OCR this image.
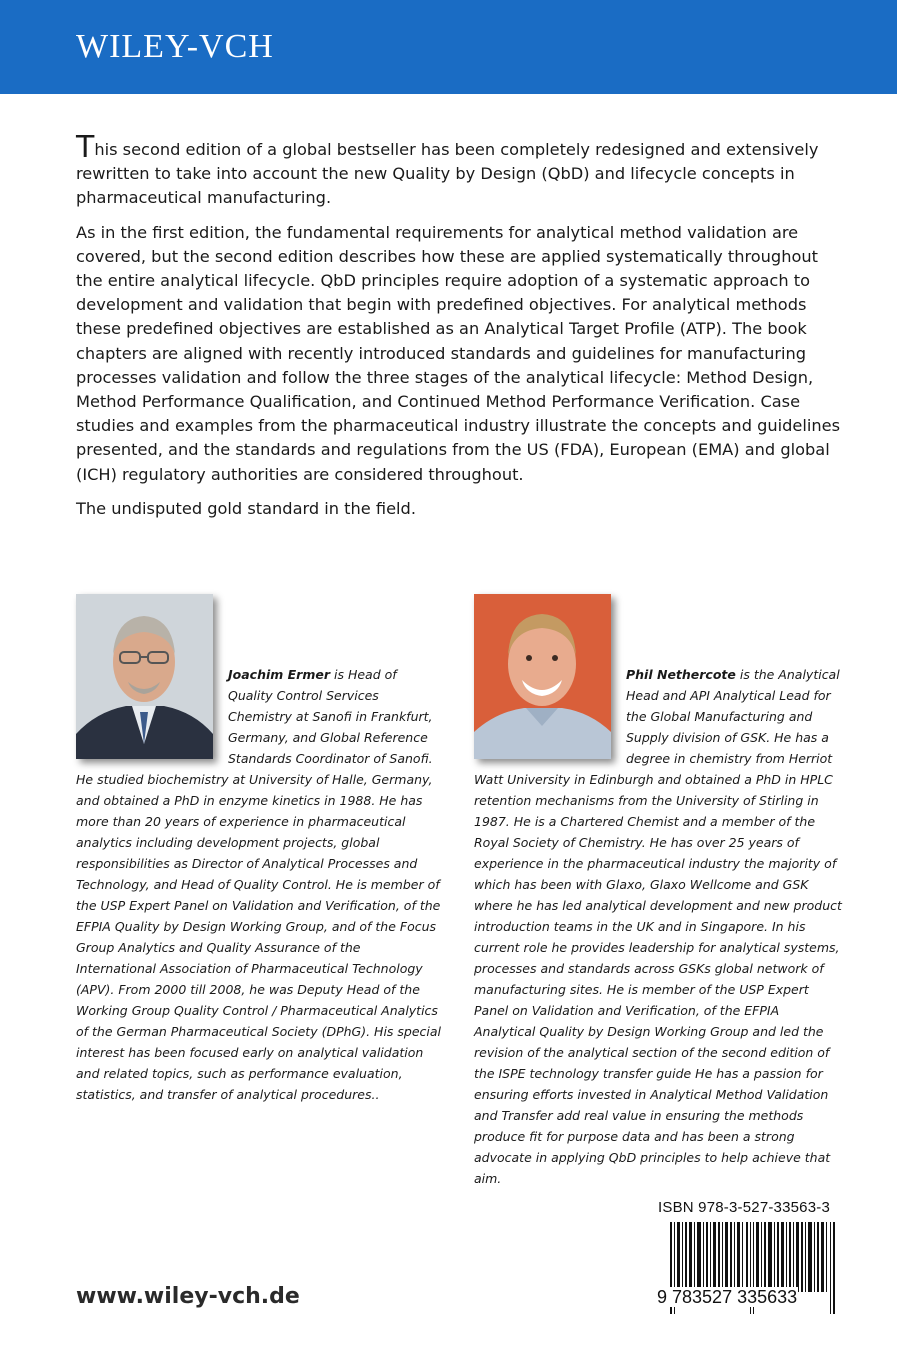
WILEY-VCH

This second edition of a global bestseller has been completely redesigned and extensively rewritten to take into account the new Quality by Design (QbD) and lifecycle concepts in pharmaceutical manufacturing.

As in the first edition, the fundamental requirements for analytical method validation are covered, but the second edition describes how these are applied systematically throughout the entire analytical lifecycle. QbD principles require adoption of a systematic approach to development and validation that begin with predefined objectives. For analytical methods these predefined objectives are established as an Analytical Target Profile (ATP). The book chapters are aligned with recently introduced standards and guidelines for manufacturing processes validation and follow the three stages of the analytical lifecycle: Method Design, Method Performance Qualification, and Continued Method Performance Verification. Case studies and examples from the pharmaceutical industry illustrate the concepts and guidelines presented, and the standards and regulations from the US (FDA), European (EMA) and global (ICH) regulatory authorities are considered throughout.

The undisputed gold standard in the field.

Joachim Ermer is Head of Quality Control Services Chemistry at Sanofi in Frankfurt, Germany, and Global Reference Standards Coordinator of Sanofi. He studied biochemistry at University of Halle, Germany, and obtained a PhD in enzyme kinetics in 1988. He has more than 20 years of experience in pharmaceutical analytics including development projects, global responsibilities as Director of Analytical Processes and Technology, and Head of Quality Control. He is member of the USP Expert Panel on Validation and Verification, of the EFPIA Quality by Design Working Group, and of the Focus Group Analytics and Quality Assurance of the International Association of Pharmaceutical Technology (APV). From 2000 till 2008, he was Deputy Head of the Working Group Quality Control / Pharmaceutical Analytics of the German Pharmaceutical Society (DPhG). His special interest has been focused early on analytical validation and related topics, such as performance evaluation, statistics, and transfer of analytical procedures..
Phil Nethercote is the Analytical Head and API Analytical Lead for the Global Manufacturing and Supply division of GSK. He has a degree in chemistry from Herriot Watt University in Edinburgh and obtained a PhD in HPLC retention mechanisms from the University of Stirling in 1987. He is a Chartered Chemist and a member of the Royal Society of Chemistry. He has over 25 years of experience in the pharmaceutical industry the majority of which has been with Glaxo, Glaxo Wellcome and GSK where he has led analytical development and new product introduction teams in the UK and in Singapore. In his current role he provides leadership for analytical systems, processes and standards across GSKs global network of manufacturing sites. He is member of the USP Expert Panel on Validation and Verification, of the EFPIA Analytical Quality by Design Working Group and led the revision of the analytical section of the second edition of the ISPE technology transfer guide He has a passion for ensuring efforts invested in Analytical Method Validation and Transfer add real value in ensuring the methods produce fit for purpose data and has been a strong advocate in applying QbD principles to help achieve that aim.
ISBN 978-3-527-33563-3
9 783527 335633
www.wiley-vch.de
